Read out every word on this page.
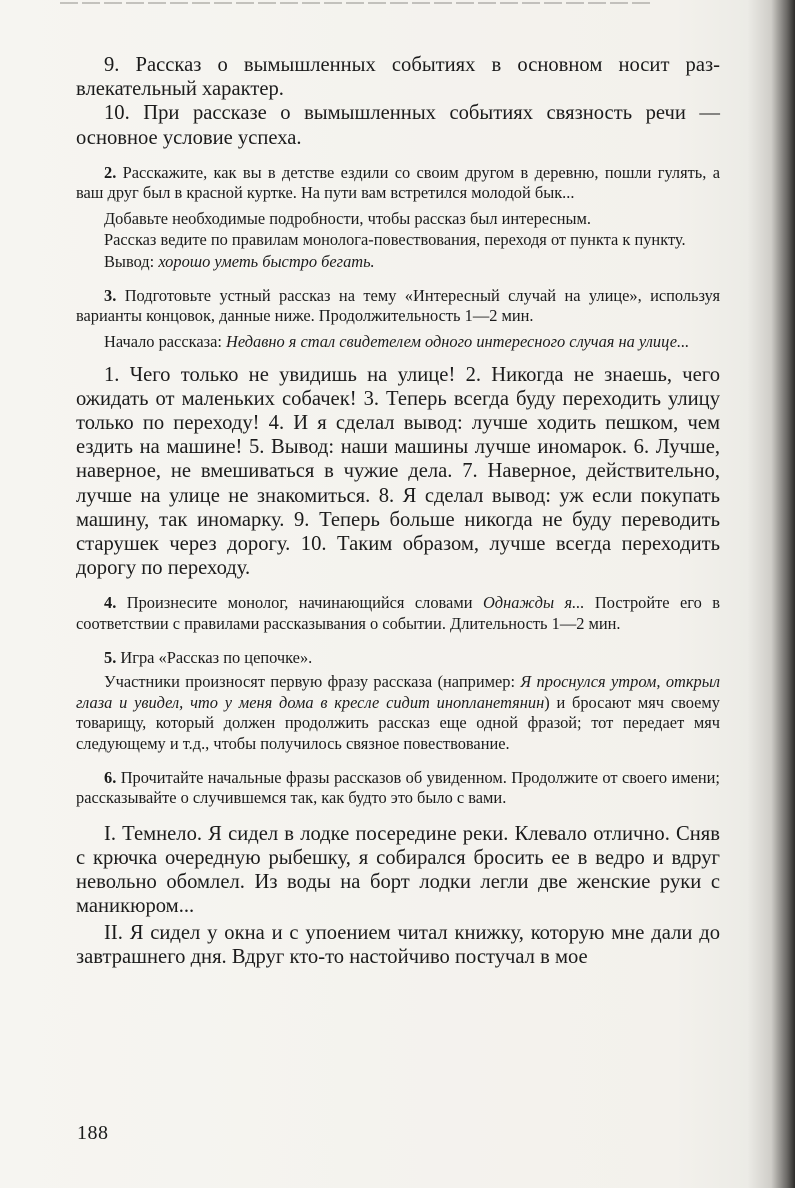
9. Рассказ о вымышленных событиях в основном носит развлекательный характер.

10. При рассказе о вымышленных событиях связность речи — основное условие успеха.

2. Расскажите, как вы в детстве ездили со своим другом в деревню, пошли гулять, а ваш друг был в красной куртке. На пути вам встретился молодой бык...

Добавьте необходимые подробности, чтобы рассказ был интересным.

Рассказ ведите по правилам монолога-повествования, переходя от пункта к пункту.

Вывод: хорошо уметь быстро бегать.

3. Подготовьте устный рассказ на тему «Интересный случай на улице», используя варианты концовок, данные ниже. Продолжительность 1—2 мин.

Начало рассказа: Недавно я стал свидетелем одного интересного случая на улице...

1. Чего только не увидишь на улице! 2. Никогда не знаешь, чего ожидать от маленьких собачек! 3. Теперь всегда буду переходить улицу только по переходу! 4. И я сделал вывод: лучше ходить пешком, чем ездить на машине! 5. Вывод: наши машины лучше иномарок. 6. Лучше, наверное, не вмешиваться в чужие дела. 7. Наверное, действительно, лучше на улице не знакомиться. 8. Я сделал вывод: уж если покупать машину, так иномарку. 9. Теперь больше никогда не буду переводить старушек через дорогу. 10. Таким образом, лучше всегда переходить дорогу по переходу.

4. Произнесите монолог, начинающийся словами Однажды я... Постройте его в соответствии с правилами рассказывания о событии. Длительность 1—2 мин.

5. Игра «Рассказ по цепочке».

Участники произносят первую фразу рассказа (например: Я проснулся утром, открыл глаза и увидел, что у меня дома в кресле сидит инопланетянин) и бросают мяч своему товарищу, который должен продолжить рассказ еще одной фразой; тот передает мяч следующему и т.д., чтобы получилось связное повествование.

6. Прочитайте начальные фразы рассказов об увиденном. Продолжите от своего имени; рассказывайте о случившемся так, как будто это было с вами.

I. Темнело. Я сидел в лодке посередине реки. Клевало отлично. Сняв с крючка очередную рыбешку, я собирался бросить ее в ведро и вдруг невольно обомлел. Из воды на борт лодки легли две женские руки с маникюром...

II. Я сидел у окна и с упоением читал книжку, которую мне дали до завтрашнего дня. Вдруг кто-то настойчиво постучал в мое

188
